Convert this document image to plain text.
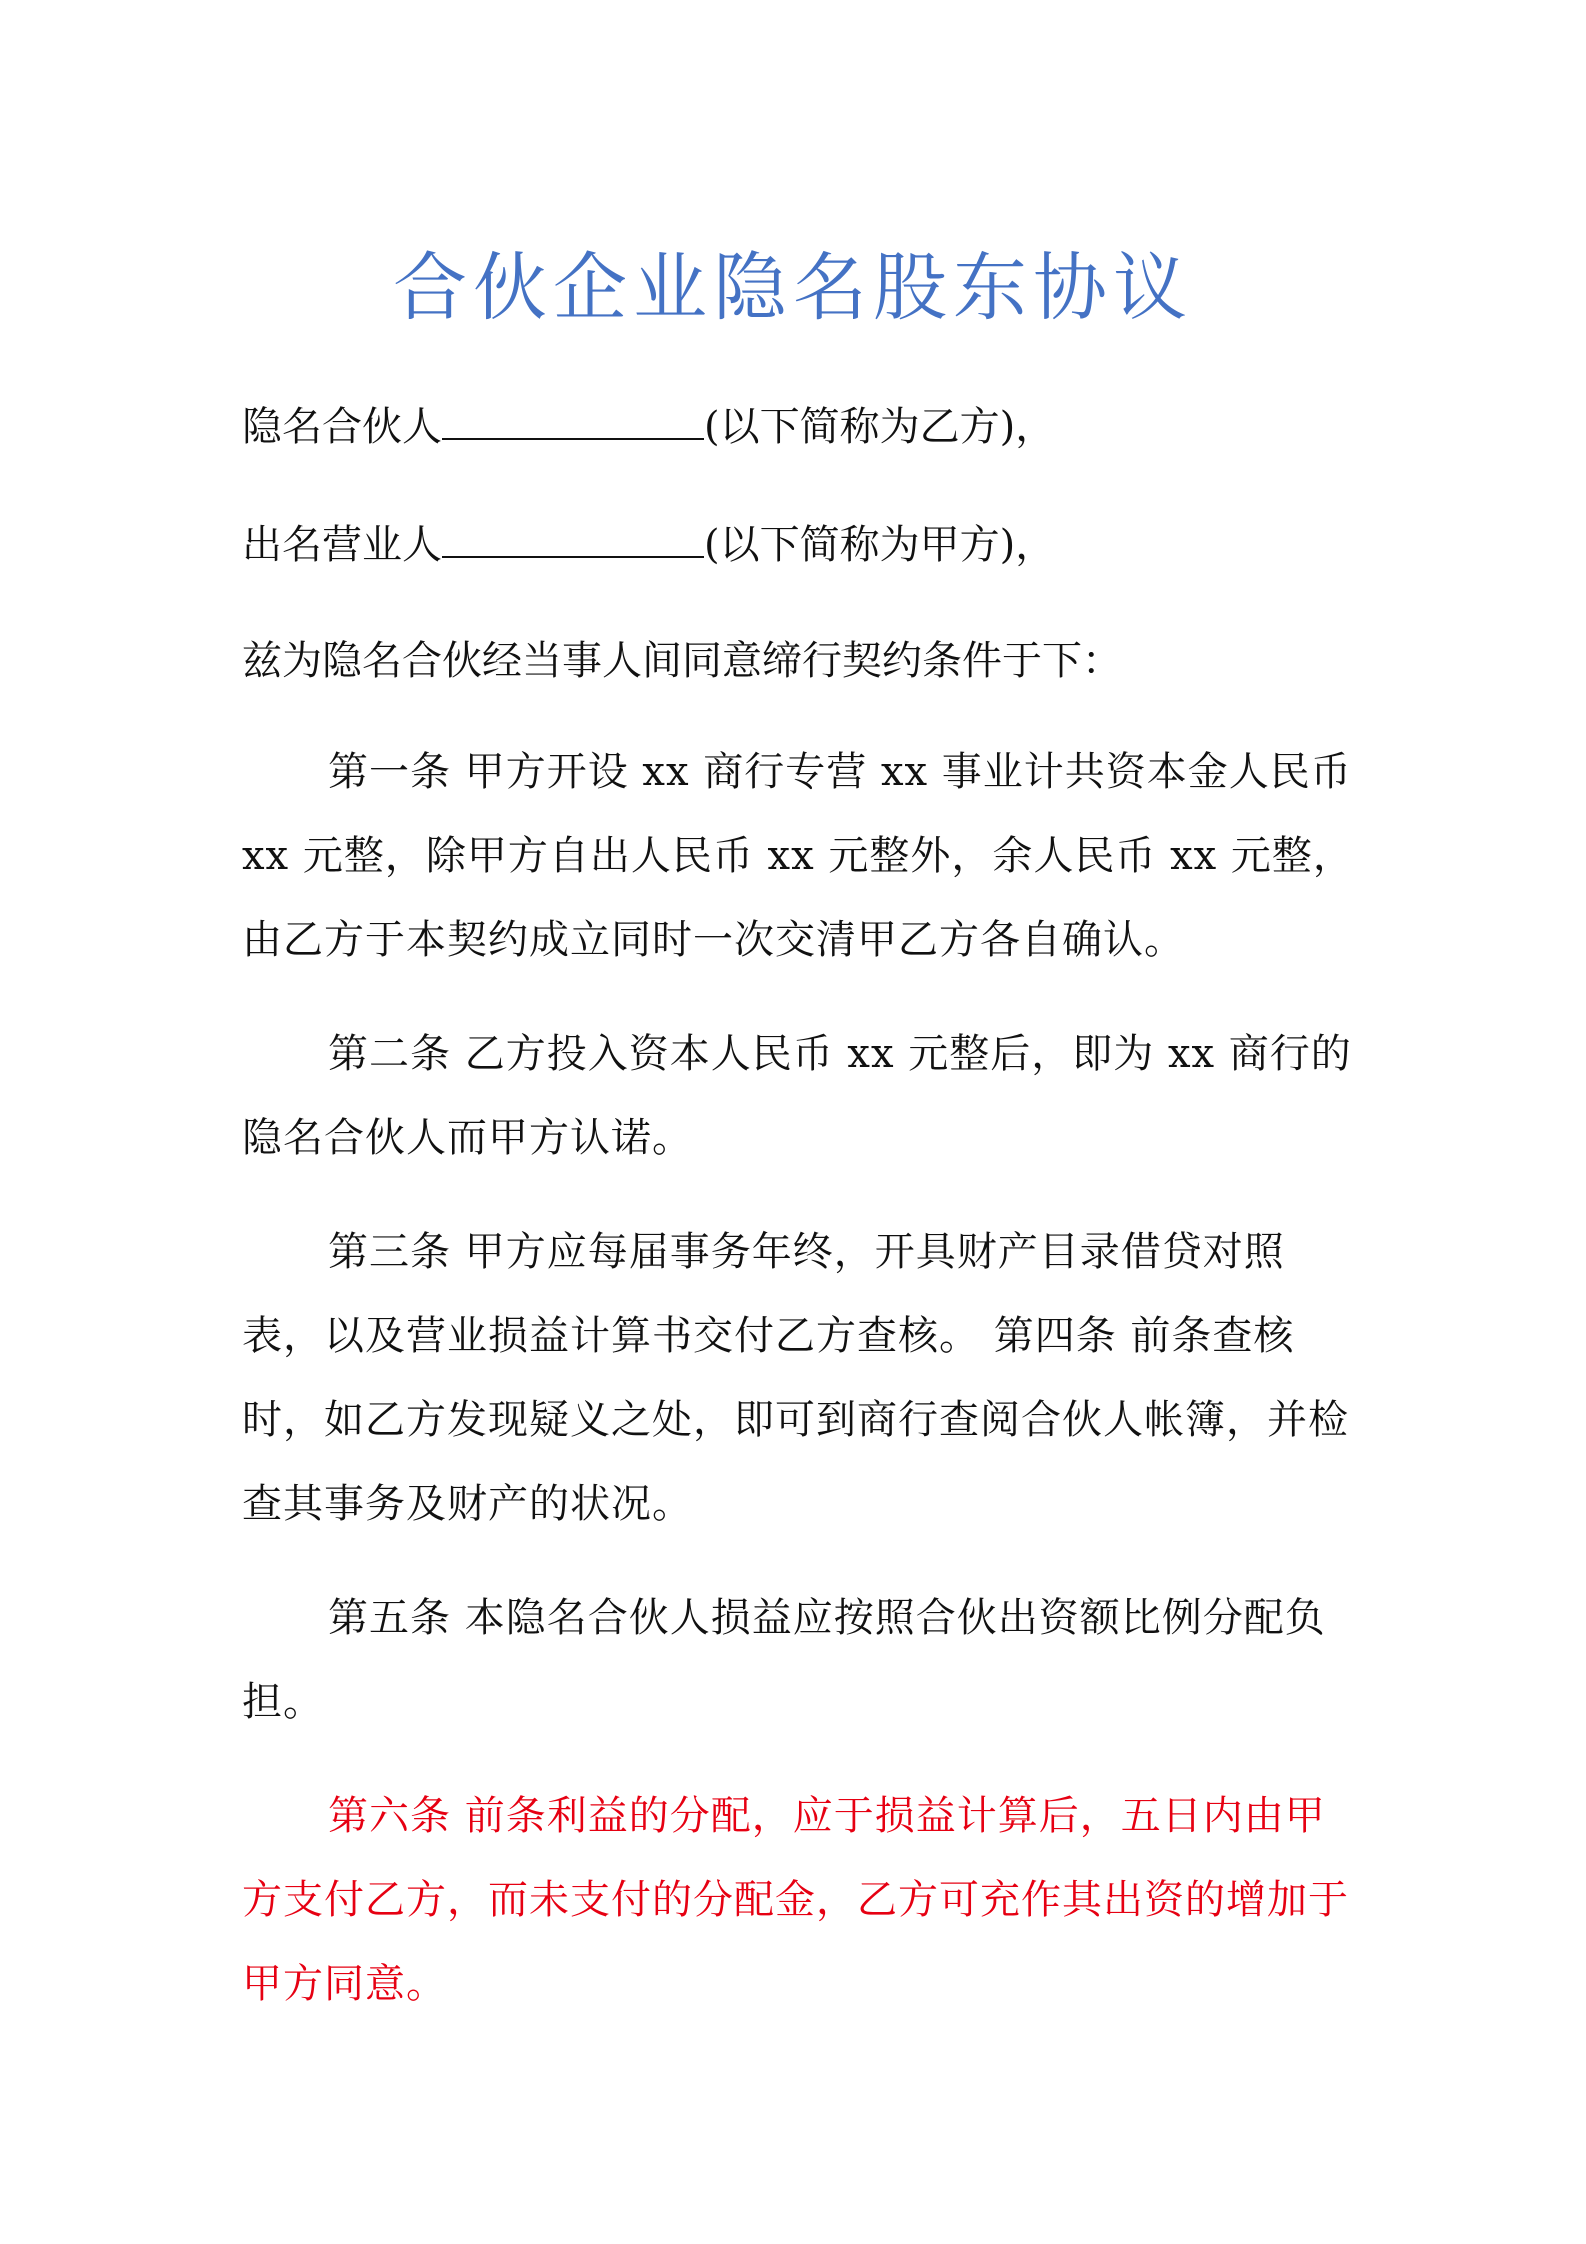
合伙企业隐名股东协议
隐名合伙人	(以下简称为乙方)，
出名营业人	(以下简称为甲方)，
兹为隐名合伙经当事人间同意缔行契约条件于下：
第一条 甲方开设 xx 商行专营 xx 事业计共资本金人民币 xx 元整，除甲方自出人民币 xx 元整外，余人民币 xx 元整，由乙方于本契约成立同时一次交清甲乙方各自确认。
第二条 乙方投入资本人民币 xx 元整后，即为 xx 商行的隐名合伙人而甲方认诺。
第三条 甲方应每届事务年终，开具财产目录借贷对照表，以及营业损益计算书交付乙方查核。 第四条 前条查核时，如乙方发现疑义之处，即可到商行查阅合伙人帐簿，并检查其事务及财产的状况。
第五条 本隐名合伙人损益应按照合伙出资额比例分配负担。
第六条 前条利益的分配，应于损益计算后，五日内由甲方支付乙方，而未支付的分配金，乙方可充作其出资的增加于甲方同意。
